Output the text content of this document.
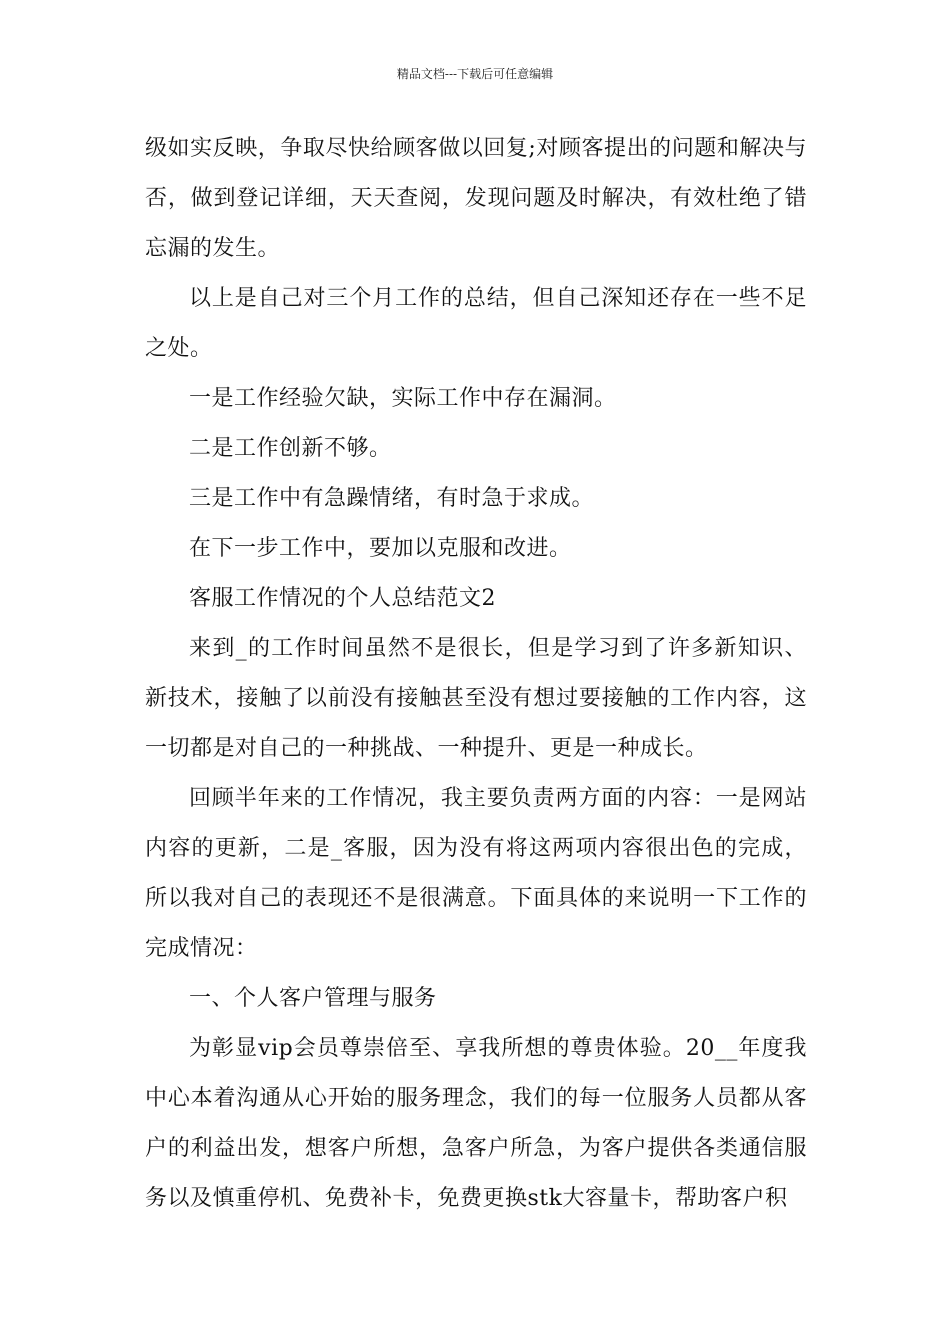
精品文档---下载后可任意编辑

级如实反映，争取尽快给顾客做以回复;对顾客提出的问题和解决与否，做到登记详细，天天查阅，发现问题及时解决，有效杜绝了错忘漏的发生。

以上是自己对三个月工作的总结，但自己深知还存在一些不足之处。

一是工作经验欠缺，实际工作中存在漏洞。

二是工作创新不够。

三是工作中有急躁情绪，有时急于求成。

在下一步工作中，要加以克服和改进。

客服工作情况的个人总结范文2

来到_的工作时间虽然不是很长，但是学习到了许多新知识、新技术，接触了以前没有接触甚至没有想过要接触的工作内容，这一切都是对自己的一种挑战、一种提升、更是一种成长。

回顾半年来的工作情况，我主要负责两方面的内容：一是网站内容的更新，二是_客服，因为没有将这两项内容很出色的完成，所以我对自己的表现还不是很满意。下面具体的来说明一下工作的完成情况：

一、个人客户管理与服务

为彰显vip会员尊崇倍至、享我所想的尊贵体验。20__年度我中心本着沟通从心开始的服务理念，我们的每一位服务人员都从客户的利益出发，想客户所想，急客户所急，为客户提供各类通信服务以及慎重停机、免费补卡，免费更换stk大容量卡，帮助客户积
